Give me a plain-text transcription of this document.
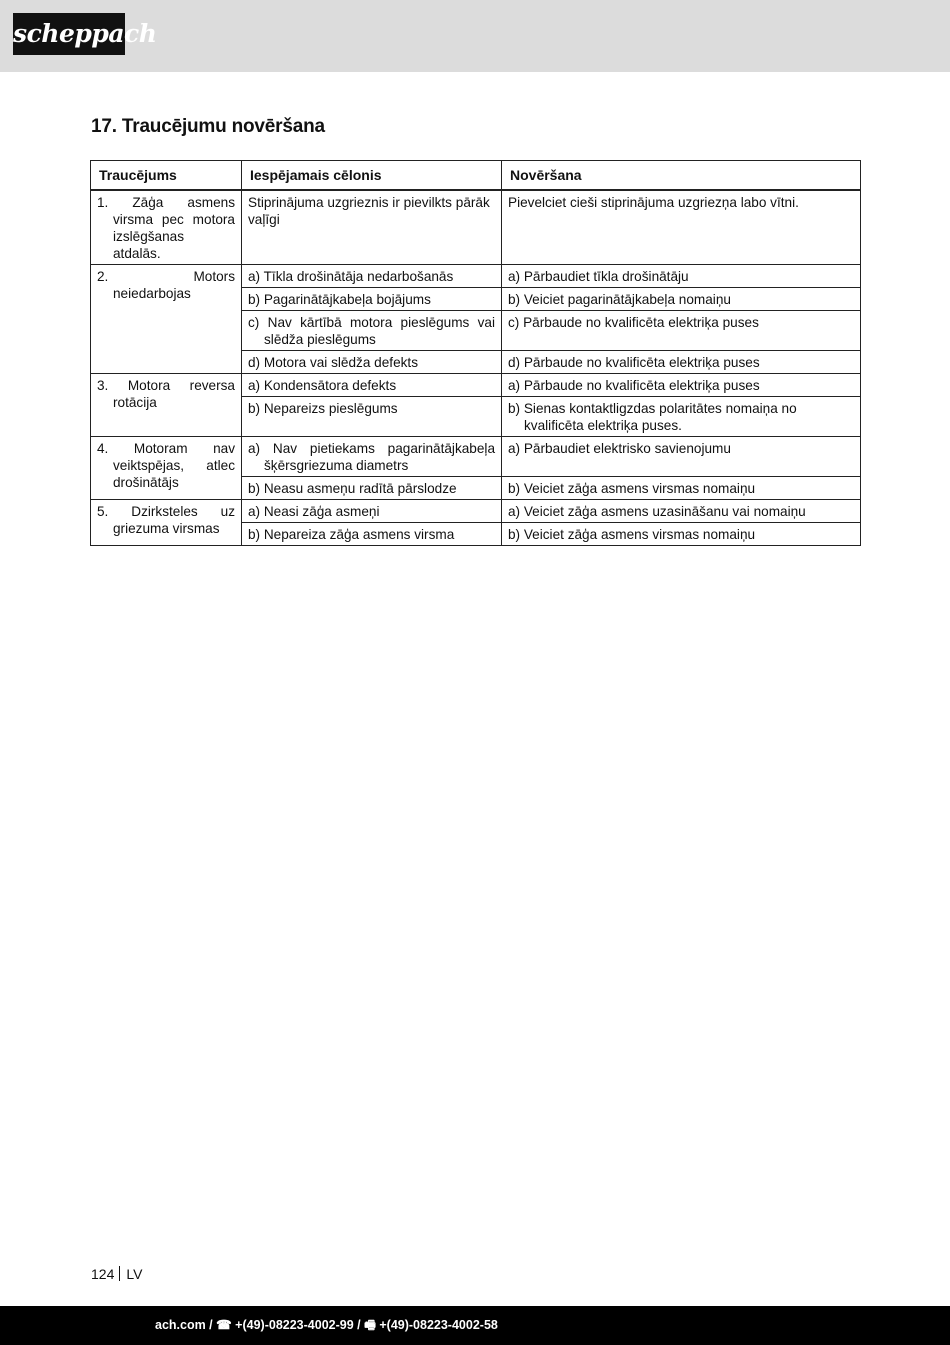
scheppach
17. Traucējumu novēršana
Traucējums	Iespējamais cēlonis	Novēršana

1. Zāģa asmens virsma pec motora izslēgšanas atdalās.	Stiprinājuma uzgrieznis ir pievilkts pārāk vaļīgi	Pievelciet cieši stiprinājuma uzgriezņa labo vītni.

2. Motors neiedarbojas	a) Tīkla drošinātāja nedarbošanās	a) Pārbaudiet tīkla drošinātāju

	b) Pagarinātājkabeļa bojājums	b) Veiciet pagarinātājkabeļa nomaiņu

	c) Nav kārtībā motora pieslēgums vai slēdža pieslēgums	c) Pārbaude no kvalificēta elektriķa puses

	d) Motora vai slēdža defekts	d) Pārbaude no kvalificēta elektriķa puses

3. Motora reversa rotācija	a) Kondensātora defekts	a) Pārbaude no kvalificēta elektriķa puses

	b) Nepareizs pieslēgums	b) Sienas kontaktligzdas polaritātes nomaiņa no kvalificēta elektriķa puses.

4. Motoram nav veiktspējas, atlec drošinātājs	a) Nav pietiekams pagarinātājkabeļa šķērsgriezuma diametrs	a) Pārbaudiet elektrisko savienojumu

	b) Neasu asmeņu radītā pārslodze	b) Veiciet zāģa asmens virsmas nomaiņu

5. Dzirksteles uz griezuma virsmas	a) Neasi zāģa asmeņi	a) Veiciet zāģa asmens uzasināšanu vai nomaiņu

	b) Nepareiza zāģa asmens virsma	b) Veiciet zāģa asmens virsmas nomaiņu
124 LV
ach.com / ☎ +(49)-08223-4002-99 / 🖷 +(49)-08223-4002-58
